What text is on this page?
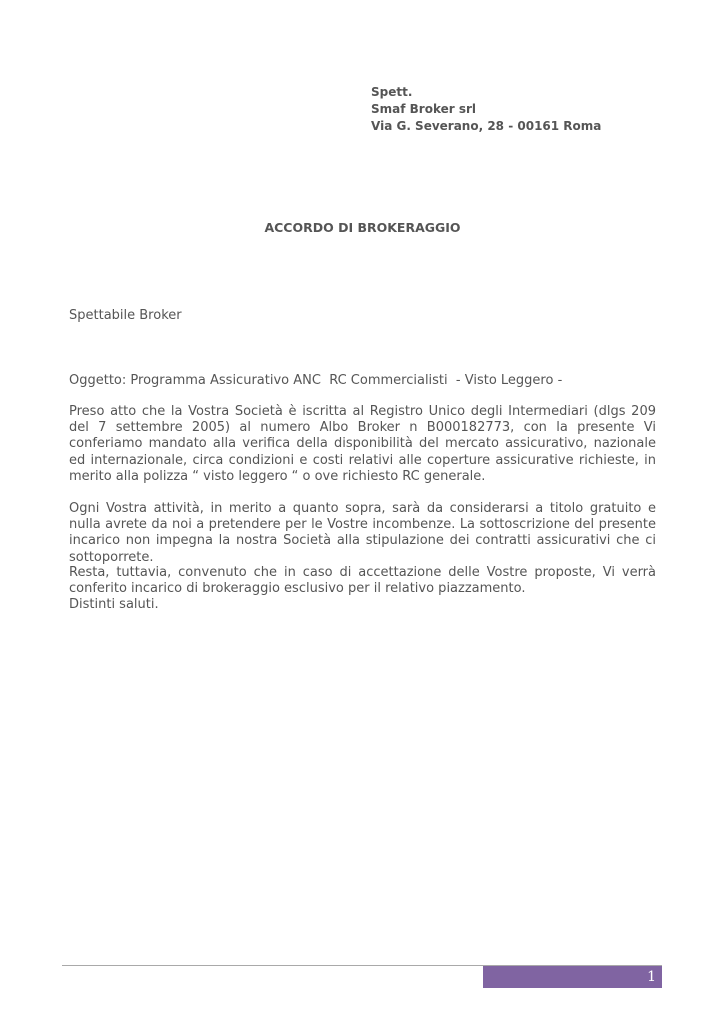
Spett.
Smaf Broker srl
Via G. Severano, 28 - 00161 Roma
ACCORDO DI BROKERAGGIO
Spettabile Broker
Oggetto: Programma Assicurativo ANC  RC Commercialisti  - Visto Leggero -

Preso atto che la Vostra Società è iscritta al Registro Unico degli Intermediari (dlgs 209 del 7 settembre 2005) al numero Albo Broker n B000182773, con la presente Vi conferiamo mandato alla verifica della disponibilità del mercato assicurativo, nazionale ed internazionale, circa condizioni e costi relativi alle coperture assicurative richieste, in merito alla polizza “ visto leggero “ o ove richiesto RC generale.

Ogni Vostra attività, in merito a quanto sopra, sarà da considerarsi a titolo gratuito e nulla avrete da noi a pretendere per le Vostre incombenze. La sottoscrizione del presente incarico non impegna la nostra Società alla stipulazione dei contratti assicurativi che ci sottoporrete.

Resta, tuttavia, convenuto che in caso di accettazione delle Vostre proposte, Vi verrà conferito incarico di brokeraggio esclusivo per il relativo piazzamento.

Distinti saluti.
1
